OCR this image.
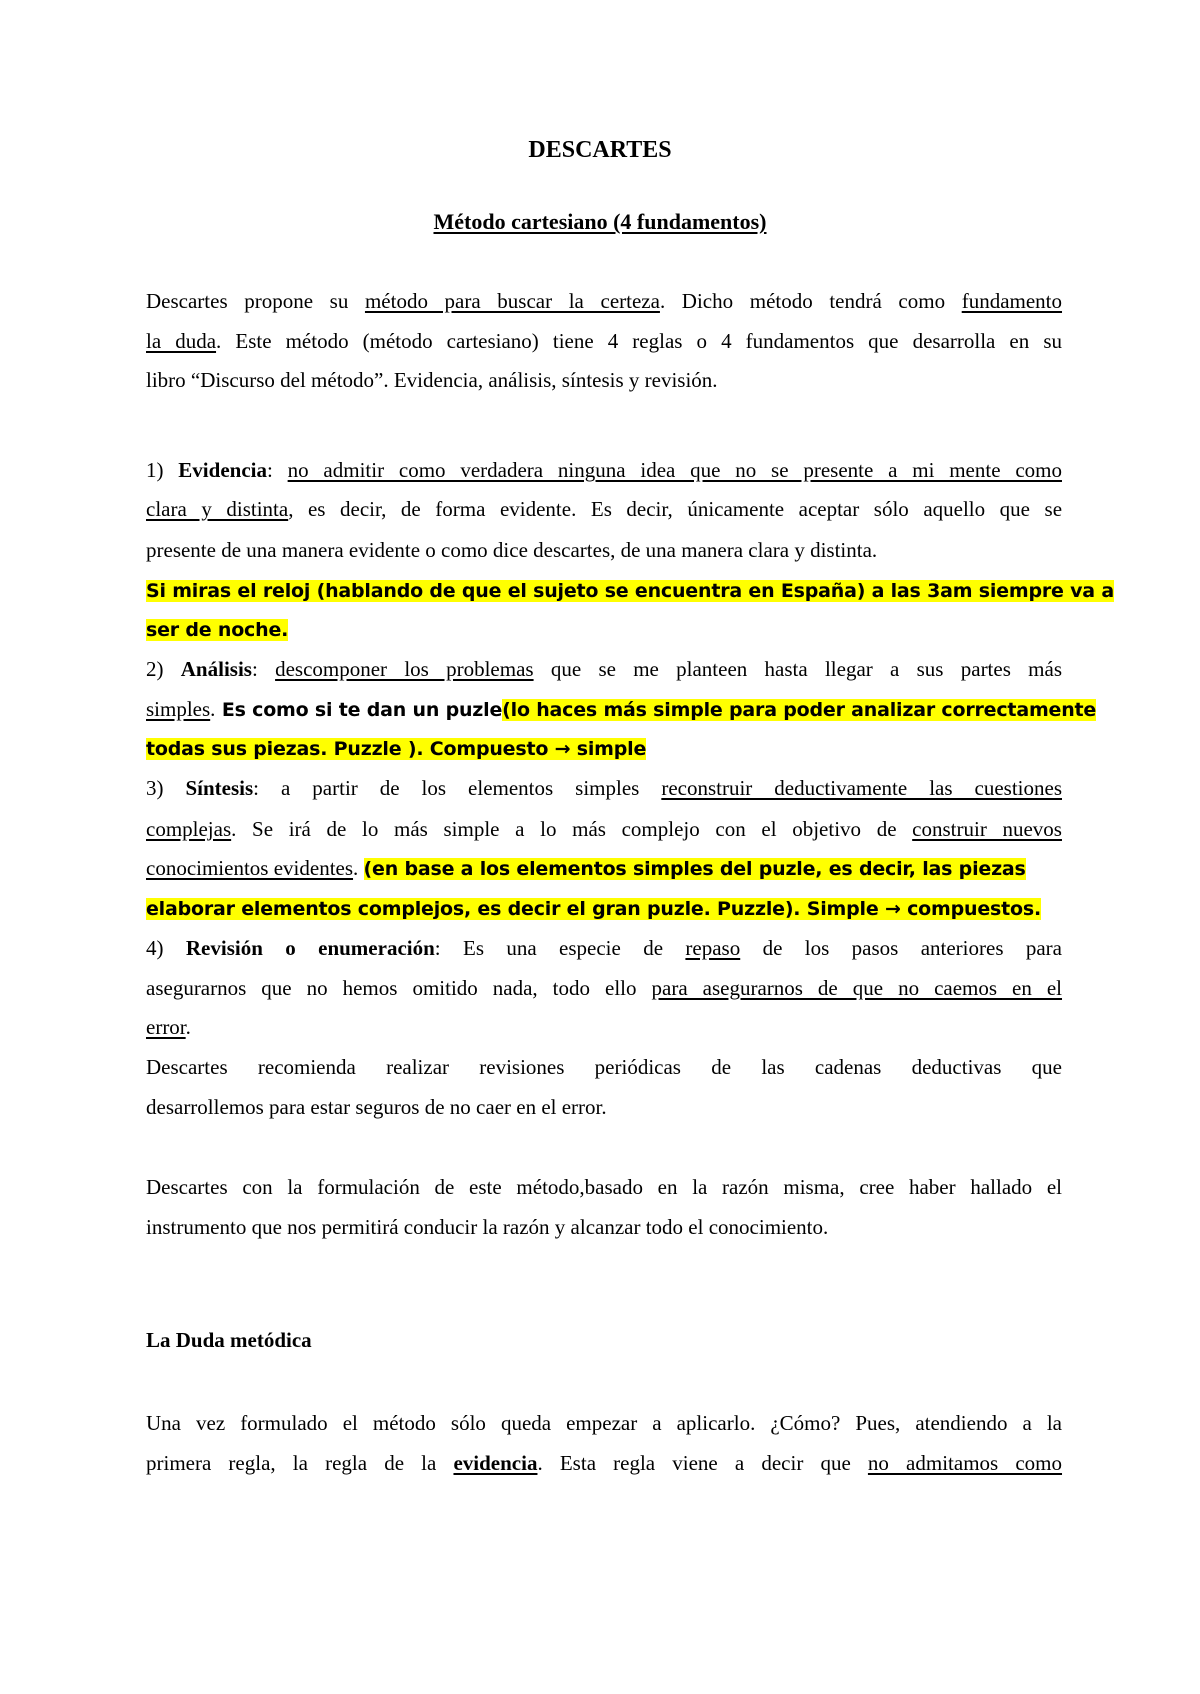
DESCARTES
Método cartesiano (4 fundamentos)
Descartes propone su método para buscar la certeza. Dicho método tendrá como fundamento
la duda. Este método (método cartesiano) tiene 4 reglas o 4 fundamentos que desarrolla en su
libro “Discurso del método”. Evidencia, análisis, síntesis y revisión.
1) Evidencia: no admitir como verdadera ninguna idea que no se presente a mi mente como
clara y distinta, es decir, de forma evidente. Es decir, únicamente aceptar sólo aquello que se
presente de una manera evidente o como dice descartes, de una manera clara y distinta.
Si miras el reloj (hablando de que el sujeto se encuentra en España) a las 3am siempre va a
ser de noche.
2) Análisis: descomponer los problemas que se me planteen hasta llegar a sus partes más
simples. Es como si te dan un puzle(lo haces más simple para poder analizar correctamente
todas sus piezas. Puzzle ). Compuesto → simple
3) Síntesis: a partir de los elementos simples reconstruir deductivamente las cuestiones
complejas. Se irá de lo más simple a lo más complejo con el objetivo de construir nuevos
conocimientos evidentes. (en base a los elementos simples del puzle, es decir, las piezas
elaborar elementos complejos, es decir el gran puzle. Puzzle). Simple → compuestos.
4) Revisión o enumeración: Es una especie de repaso de los pasos anteriores para
asegurarnos que no hemos omitido nada, todo ello para asegurarnos de que no caemos en el
error.
Descartes recomienda realizar revisiones periódicas de las cadenas deductivas que
desarrollemos para estar seguros de no caer en el error.
Descartes con la formulación de este método,basado en la razón misma, cree haber hallado el
instrumento que nos permitirá conducir la razón y alcanzar todo el conocimiento.
La Duda metódica
Una vez formulado el método sólo queda empezar a aplicarlo. ¿Cómo? Pues, atendiendo a la
primera regla, la regla de la evidencia. Esta regla viene a decir que no admitamos como
